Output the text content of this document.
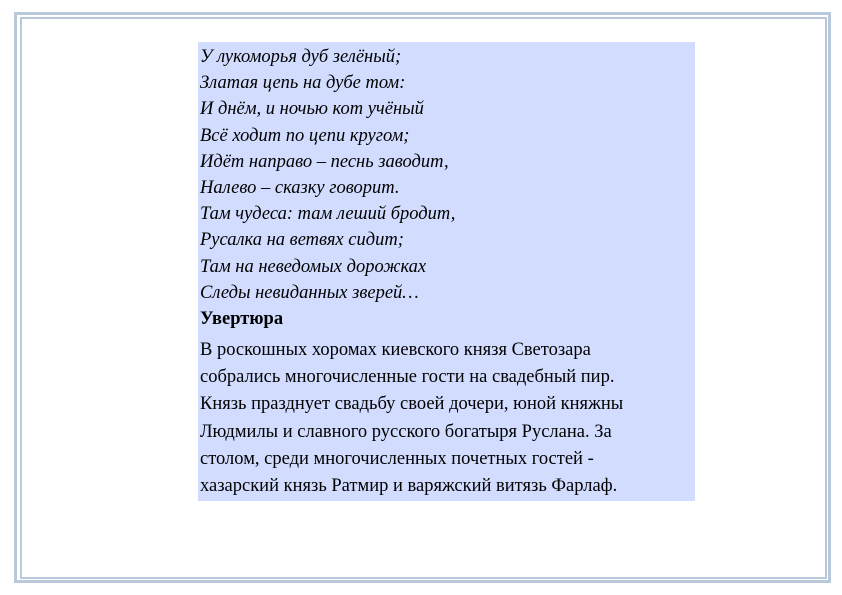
У лукоморья дуб зелёный;
Златая цепь на дубе том:
И днём, и ночью кот учёный
Всё ходит по цепи кругом;
Идёт направо – песнь заводит,
Налево – сказку говорит.
Там чудеса: там леший бродит,
Русалка на ветвях сидит;
Там на неведомых дорожках
Следы невиданных зверей…
Увертюра
В роскошных хоромах киевского князя Светозара
собрались многочисленные гости на свадебный пир.
Князь празднует свадьбу своей дочери, юной княжны
Людмилы и славного русского богатыря Руслана. За
столом, среди многочисленных почетных гостей -
хазарский князь Ратмир и варяжский витязь Фарлаф.
